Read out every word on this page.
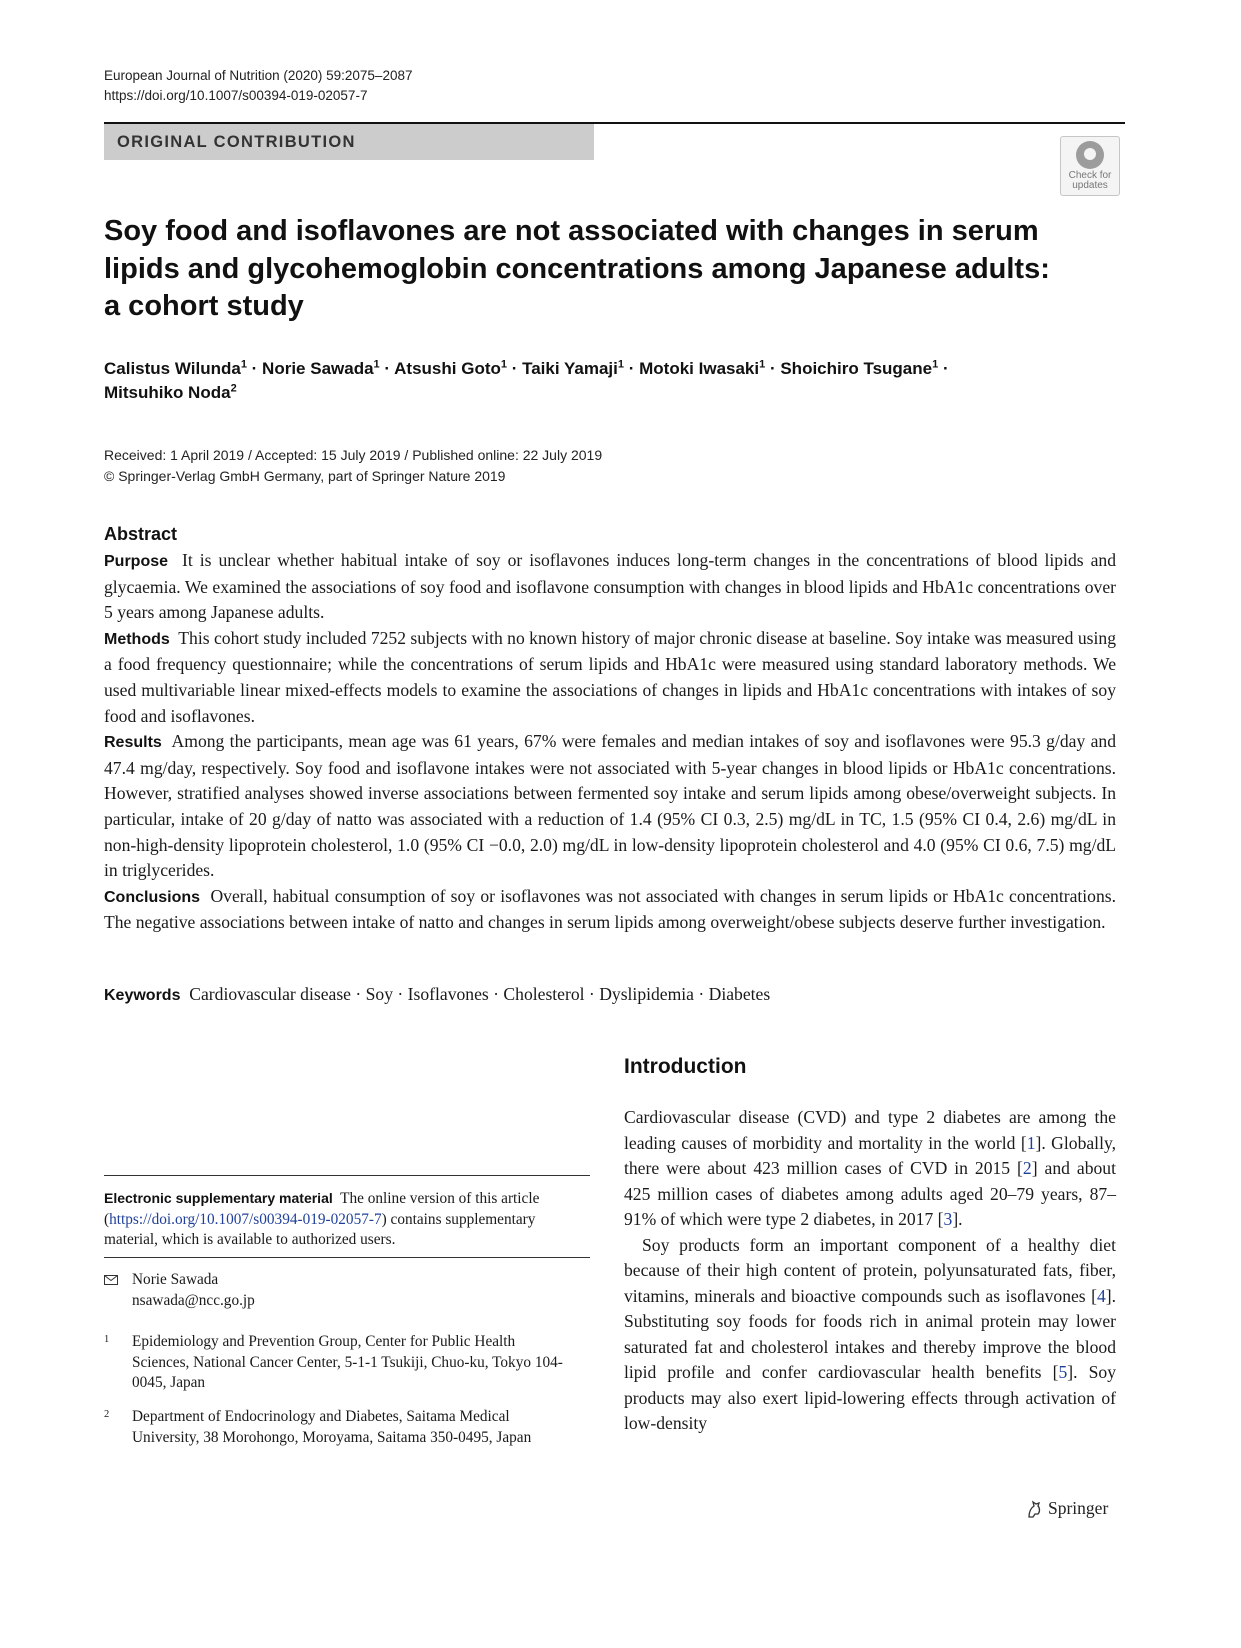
European Journal of Nutrition (2020) 59:2075–2087
https://doi.org/10.1007/s00394-019-02057-7
ORIGINAL CONTRIBUTION
Check for
updates
Soy food and isoflavones are not associated with changes in serum
lipids and glycohemoglobin concentrations among Japanese adults:
a cohort study
Calistus Wilunda$^1$ · Norie Sawada$^1$ · Atsushi Goto$^1$ · Taiki Yamaji$^1$ · Motoki Iwasaki$^1$ · Shoichiro Tsugane$^1$ ·
Mitsuhiko Noda$^2$
Received: 1 April 2019 / Accepted: 15 July 2019 / Published online: 22 July 2019
© Springer-Verlag GmbH Germany, part of Springer Nature 2019
Abstract

Purpose It is unclear whether habitual intake of soy or isoflavones induces long-term changes in the concentrations of blood lipids and glycaemia. We examined the associations of soy food and isoflavone consumption with changes in blood lipids and HbA1c concentrations over 5 years among Japanese adults.

Methods This cohort study included 7252 subjects with no known history of major chronic disease at baseline. Soy intake was measured using a food frequency questionnaire; while the concentrations of serum lipids and HbA1c were measured using standard laboratory methods. We used multivariable linear mixed-effects models to examine the associations of changes in lipids and HbA1c concentrations with intakes of soy food and isoflavones.

Results Among the participants, mean age was 61 years, 67% were females and median intakes of soy and isoflavones were 95.3 g/day and 47.4 mg/day, respectively. Soy food and isoflavone intakes were not associated with 5-year changes in blood lipids or HbA1c concentrations. However, stratified analyses showed inverse associations between fermented soy intake and serum lipids among obese/overweight subjects. In particular, intake of 20 g/day of natto was associated with a reduction of 1.4 (95% CI 0.3, 2.5) mg/dL in TC, 1.5 (95% CI 0.4, 2.6) mg/dL in non-high-density lipoprotein cholesterol, 1.0 (95% CI −0.0, 2.0) mg/dL in low-density lipoprotein cholesterol and 4.0 (95% CI 0.6, 7.5) mg/dL in triglycerides.

Conclusions Overall, habitual consumption of soy or isoflavones was not associated with changes in serum lipids or HbA1c concentrations. The negative associations between intake of natto and changes in serum lipids among overweight/obese subjects deserve further investigation.

Keywords Cardiovascular disease · Soy · Isoflavones · Cholesterol · Dyslipidemia · Diabetes
Introduction

Cardiovascular disease (CVD) and type 2 diabetes are among the leading causes of morbidity and mortality in the world [1]. Globally, there were about 423 million cases of CVD in 2015 [2] and about 425 million cases of diabetes among adults aged 20–79 years, 87–91% of which were type 2 diabetes, in 2017 [3].

Soy products form an important component of a healthy diet because of their high content of protein, polyunsaturated fats, fiber, vitamins, minerals and bioactive compounds such as isoflavones [4]. Substituting soy foods for foods rich in animal protein may lower saturated fat and cholesterol intakes and thereby improve the blood lipid profile and confer cardiovascular health benefits [5]. Soy products may also exert lipid-lowering effects through activation of low-density

Electronic supplementary material The online version of this article (https://doi.org/10.1007/s00394-019-02057-7) contains supplementary material, which is available to authorized users.
Norie Sawada
nsawada@ncc.go.jp
1 Epidemiology and Prevention Group, Center for Public Health Sciences, National Cancer Center, 5-1-1 Tsukiji, Chuo-ku, Tokyo 104-0045, Japan
2 Department of Endocrinology and Diabetes, Saitama Medical University, 38 Morohongo, Moroyama, Saitama 350-0495, Japan
Springer
